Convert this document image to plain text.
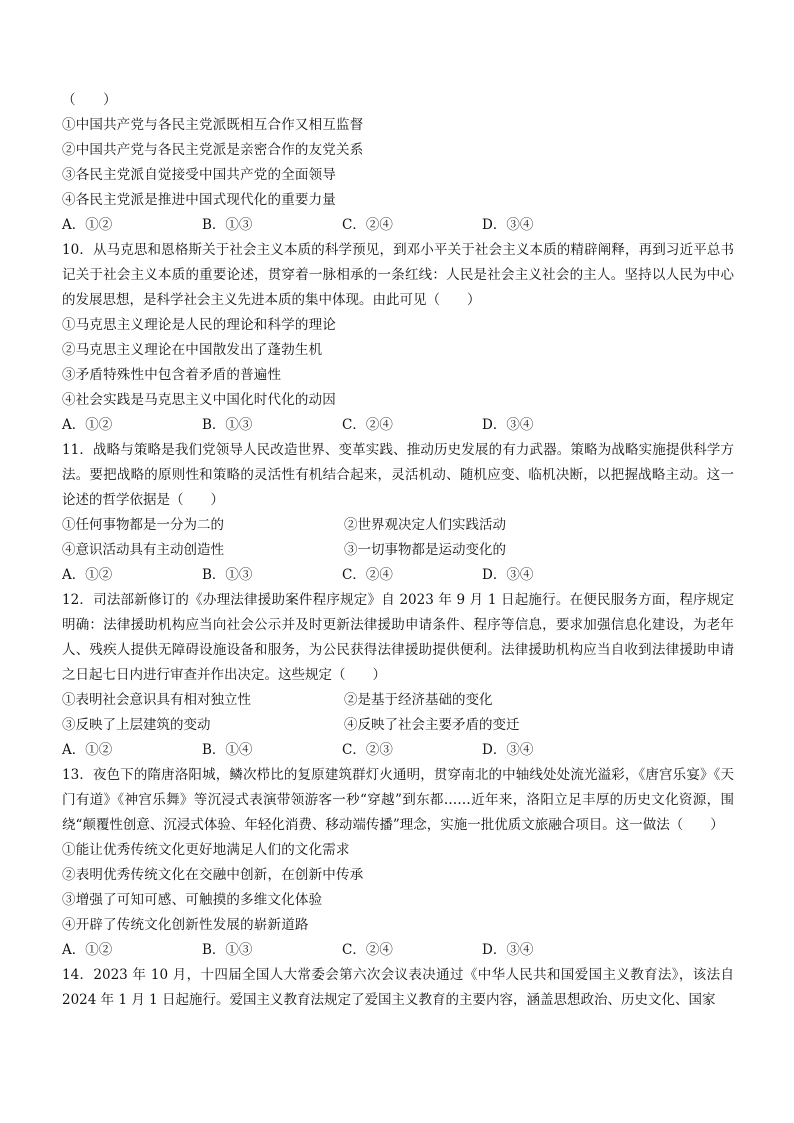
（　　）
①中国共产党与各民主党派既相互合作又相互监督
②中国共产党与各民主党派是亲密合作的友党关系
③各民主党派自觉接受中国共产党的全面领导
④各民主党派是推进中国式现代化的重要力量
A．①②	B．①③	C．②④	D．③④
10．从马克思和恩格斯关于社会主义本质的科学预见，到邓小平关于社会主义本质的精辟阐释，再到习近平总书记关于社会主义本质的重要论述，贯穿着一脉相承的一条红线：人民是社会主义社会的主人。坚持以人民为中心的发展思想，是科学社会主义先进本质的集中体现。由此可见（　　）
①马克思主义理论是人民的理论和科学的理论
②马克思主义理论在中国散发出了蓬勃生机
③矛盾特殊性中包含着矛盾的普遍性
④社会实践是马克思主义中国化时代化的动因
A．①②	B．①③	C．②④	D．③④
11．战略与策略是我们党领导人民改造世界、变革实践、推动历史发展的有力武器。策略为战略实施提供科学方法。要把战略的原则性和策略的灵活性有机结合起来，灵活机动、随机应变、临机决断，以把握战略主动。这一论述的哲学依据是（　　）
①任何事物都是一分为二的	②世界观决定人们实践活动
④意识活动具有主动创造性	③一切事物都是运动变化的
A．①②	B．①③	C．②④	D．③④
12．司法部新修订的《办理法律援助案件程序规定》自 2023 年 9 月 1 日起施行。在便民服务方面，程序规定明确：法律援助机构应当向社会公示并及时更新法律援助申请条件、程序等信息，要求加强信息化建设，为老年人、残疾人提供无障碍设施设备和服务，为公民获得法律援助提供便利。法律援助机构应当自收到法律援助申请之日起七日内进行审查并作出决定。这些规定（　　）
①表明社会意识具有相对独立性	②是基于经济基础的变化
③反映了上层建筑的变动	④反映了社会主要矛盾的变迁
A．①②	B．①④	C．②③	D．③④
13．夜色下的隋唐洛阳城，鳞次栉比的复原建筑群灯火通明，贯穿南北的中轴线处处流光溢彩，《唐宫乐宴》《天门有道》《神宫乐舞》等沉浸式表演带领游客一秒“穿越”到东都……近年来，洛阳立足丰厚的历史文化资源，围绕“颠覆性创意、沉浸式体验、年轻化消费、移动端传播”理念，实施一批优质文旅融合项目。这一做法（　　）
①能让优秀传统文化更好地满足人们的文化需求
②表明优秀传统文化在交融中创新，在创新中传承
③增强了可知可感、可触摸的多维文化体验
④开辟了传统文化创新性发展的崭新道路
A．①②	B．①③	C．②④	D．③④
14．2023 年 10 月，十四届全国人大常委会第六次会议表决通过《中华人民共和国爱国主义教育法》，该法自 2024 年 1 月 1 日起施行。爱国主义教育法规定了爱国主义教育的主要内容，涵盖思想政治、历史文化、国家
